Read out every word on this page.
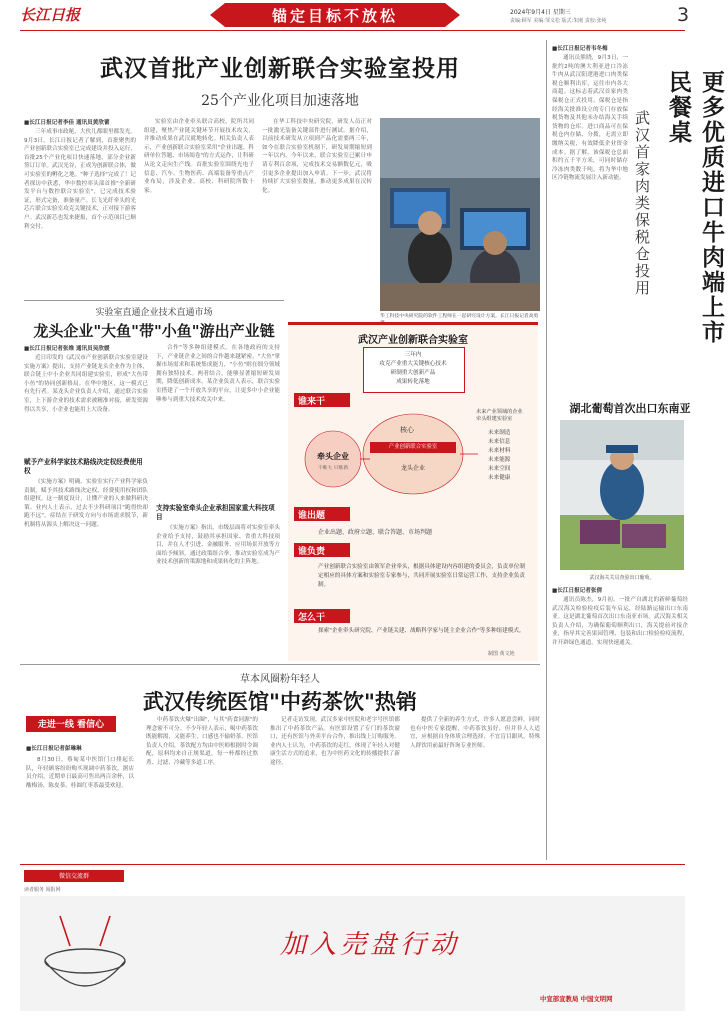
长江日报	锚定目标不放松	2024年9月4日 星期三
责编:顾军 美编:邹义松 版式:朱刚 责校:张纯	3
武汉首批产业创新联合实验室投用
25个产业化项目加速落地
■长江日报记者李佳 通讯员黄欣蕾

三年成事市政秘，大伙儿都眼里都发光。9月3日，长江日报记者了解到，首批聚焦的产业创新联合实验室已完成建设并投入运行，首批25个产业化项目快速落地，部分企业新签订订单。武汉光谷，正成为创新联合体，做可实验室的孵化之地。"种子选择"完成了！记者探访中获悉，华中数控率头部首推"全新研发平台与数控联合实验室"，已完成技术验证，形式完备，准备量产。长飞光纤牵头的光芯片联合实验室攻克关键技术，正对接下游客户。武汉新芯也发来捷报，首个示范项目已顺利交付。

实验室由企业牵头联合高校、院所共同组建，聚焦产业链关键环节开展技术攻关，并推动成果在武汉就地转化。相关负责人表示，产业创新联合实验室采用"企业出题、科研单位答题、市场阅卷"的方式运作，让科研从论文走向生产线。首批实验室围绕光电子信息、汽车、生物医药、高端装备等重点产业布局，涉及企业、高校、科研院所数十家。

在华工科技中央研究院，研发人员正对一批激光装备关键部件进行测试。据介绍，以前技术研发从立项到产品化需要两三年，如今在联合实验室机制下，研发周期缩短到一年以内。今年以来，联合实验室已累计申请专利百余项，完成技术交易额数亿元，吸引更多企业提出加入申请。下一步，武汉将持续扩大实验室数量，推动更多成果在汉转化。

华工科技中央研究院的软件工程师在一起研究设计方案。长江日报记者高勇
武汉产业创新联合实验室
三年内
攻克产业重大关键核心技术
研制重大创新产品
成果转化落地
谁来干
核心
产业创新联合实验室
龙头企业
牵头企业
不唯大 只唯新
未来产业领域的企业
牵头组建实验室
未来制造
未来信息
未来材料
未来能源
未来空间
未来健康
谁出题
企业出题、政府立题、联合答题、市场判题
谁负责
产业创新联合实验室由领军企业牵头，根据具体建设内容组建的委员会，负责单位制定相应的具体方案和实验室专家参与，共同开展实验室日常运营工作，支持企业负责制。
怎么干
探索"企业牵头研究院、产业链关建、战略科学家与链主企业合作"等多种组建模式。
制图 黄文艳
实验室直通企业技术直通市场
龙头企业"大鱼"带"小鱼"游出产业链
■长江日报记者张维 通讯员吴欣媛

近日印发的《武汉市产业创新联合实验室建设实施方案》提出，支持产业链龙头企业作为主体，联合链上中小企业共同组建实验室，形成"大鱼带小鱼"的协同创新格局。在华中地区，这一模式已有先行者。某龙头企业负责人介绍，通过联合实验室，上下游企业的技术需求被精准对接，研发资源得以共享，小企业也能用上大设备。

赋予产业科学家技术路线决定权经费使用权

《实施方案》明确，实验室实行产业科学家负责制，赋予其技术路线决定权、经费使用权和团队组建权。这一制度设计，让懂产业的人来做科研决策。业内人士表示，过去不少科研项目"跑得快却跑不远"，症结在于研发方向与市场需求脱节，新机制将从源头上解决这一问题。

合作"等多种组建模式。在各地政府的支持下，产业链企业之间的合作越来越紧密。"大鱼"掌握市场需求和系统集成能力，"小鱼"则在细分领域拥有独特技术。两者结合，能够显著缩短研发周期，降低创新成本。某企业负责人表示，联合实验室搭建了一个开放共享的平台，让更多中小企业能够参与到重大技术攻关中来。

支持实验室牵头企业承担国家重大科技项目

《实施方案》指出，市级层面将对实验室牵头企业给予支持，鼓励其承担国家、省重大科技项目，并在人才引进、金融服务、应用场景开放等方面给予倾斜。通过政策组合拳，推动实验室成为产业技术创新的策源地和成果转化的主阵地。

草本风圈粉年轻人
武汉传统医馆"中药茶饮"热销
走进一线 看信心
■长江日报记者彭琳琳

8月30日，蔡甸某中医馆门口排起长队，年轻顾客纷纷购买现调中药茶饮。据店员介绍，近期单日最高可售出两百余杯，以酸梅汤、陈皮茶、桂圆红枣茶最受欢迎。

中药茶饮火爆"出圈"，与其"药食同源"的理念密不可分。不少年轻人表示，喝中药茶饮既能解渴，又能养生，口感也不输奶茶。医馆负责人介绍，茶饮配方均由中医师根据时令调配，原料均来自正规渠道，每一杯都经过熬煮、过滤、冷藏等多道工序。

记者走访发现，武汉多家中医院和老字号医馆都推出了中药茶饮产品。有医馆设置了专门的茶饮窗口，还有医馆与外卖平台合作，推出线上订购服务。业内人士认为，中药茶饮的走红，体现了年轻人对健康生活方式的追求，也为中医药文化的传播提供了新途径。

提供了全新的养生方式，许多人愿意尝鲜。同时也有中医专家提醒，中药茶饮虽好，但并非人人适宜，应根据自身体质合理选择，不宜盲目跟风，特殊人群饮用前最好咨询专业医师。

更多优质进口牛肉端上市民餐桌
武汉首家肉类保税仓投用
■长江日报记者韦冬梅

通讯员熊晓，9月3日，一批约2吨的澳大利亚进口冷冻牛肉从武汉阳逻港进口肉类保税仓顺利出库，运往市内各大商超。这标志着武汉首家肉类保税仓正式投用。保税仓是指经海关批准设立的专门存放保税货物及其他未办结海关手续货物的仓库。进口商品可在保税仓内存储、分拨，无需立即缴纳关税，有效降低企业资金成本。据了解，该保税仓总面积约五千平方米，可同时储存冷冻肉类数千吨，将为华中地区冷链物流发展注入新动能。

湖北葡萄首次出口东南亚
武汉海关关员查验出口葡萄。
■长江日报记者张倩

通讯员陈杰，9月初，一批产自湖北的新鲜葡萄经武汉海关检验检疫后装车启运，经陆路运输出口东南亚。这是湖北葡萄首次出口东南亚市场。武汉海关相关负责人介绍，为确保葡萄顺利出口，海关提前对接企业，指导其完善果园管理、包装和出口检验检疫流程，并开辟绿色通道，实现快速通关。

微信交流群
读者服务 阅报网
加入売盘行动
中宣部宣教局 中国文明网
